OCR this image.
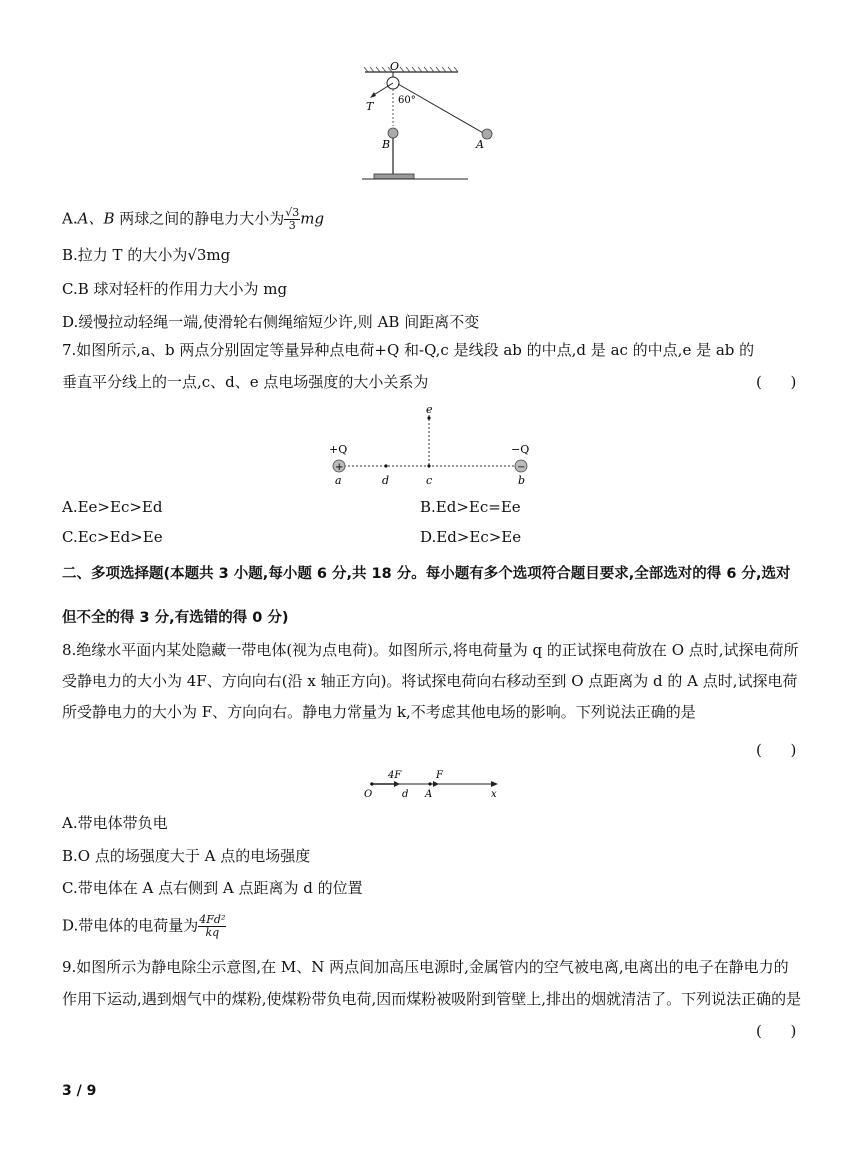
O
T 60°
B	A
A.A、B 两球之间的静电力大小为 $\frac{√3}{3}$ mg
B.拉力 T 的大小为√3mg
C.B 球对轻杆的作用力大小为 mg
D.缓慢拉动轻绳一端,使滑轮右侧绳缩短少许,则 AB 间距离不变
7.如图所示,a、b 两点分别固定等量异种点电荷+Q 和-Q,c 是线段 ab 的中点,d 是 ac 的中点,e 是 ab 的垂直平分线上的一点,c、d、e 点电场强度的大小关系为	(      )
+	−
e
+Q	−Q
a	d	c	b
A.Ee>Ec>Ed	B.Ed>Ec=Ee
C.Ec>Ed>Ee	D.Ed>Ec>Ee
二、多项选择题(本题共 3 小题,每小题 6 分,共 18 分。每小题有多个选项符合题目要求,全部选对的得 6 分,选对但不全的得 3 分,有选错的得 0 分)
8.绝缘水平面内某处隐藏一带电体(视为点电荷)。如图所示,将电荷量为 q 的正试探电荷放在 O 点时,试探电荷所受静电力的大小为 4F、方向向右(沿 x 轴正方向)。将试探电荷向右移动至到 O 点距离为 d 的 A 点时,试探电荷所受静电力的大小为 F、方向向右。静电力常量为 k,不考虑其他电场的影响。下列说法正确的是
(      )
4F	F
O	d A	x
A.带电体带负电
B.O 点的场强度大于 A 点的电场强度
C.带电体在 A 点右侧到 A 点距离为 d 的位置
D.带电体的电荷量为 $\frac{\text{4Fd²}}{kq}$
9.如图所示为静电除尘示意图,在 M、N 两点间加高压电源时,金属管内的空气被电离,电离出的电子在静电力的作用下运动,遇到烟气中的煤粉,使煤粉带负电荷,因而煤粉被吸附到管壁上,排出的烟就清洁了。下列说法正确的是
(      )
3 / 9
